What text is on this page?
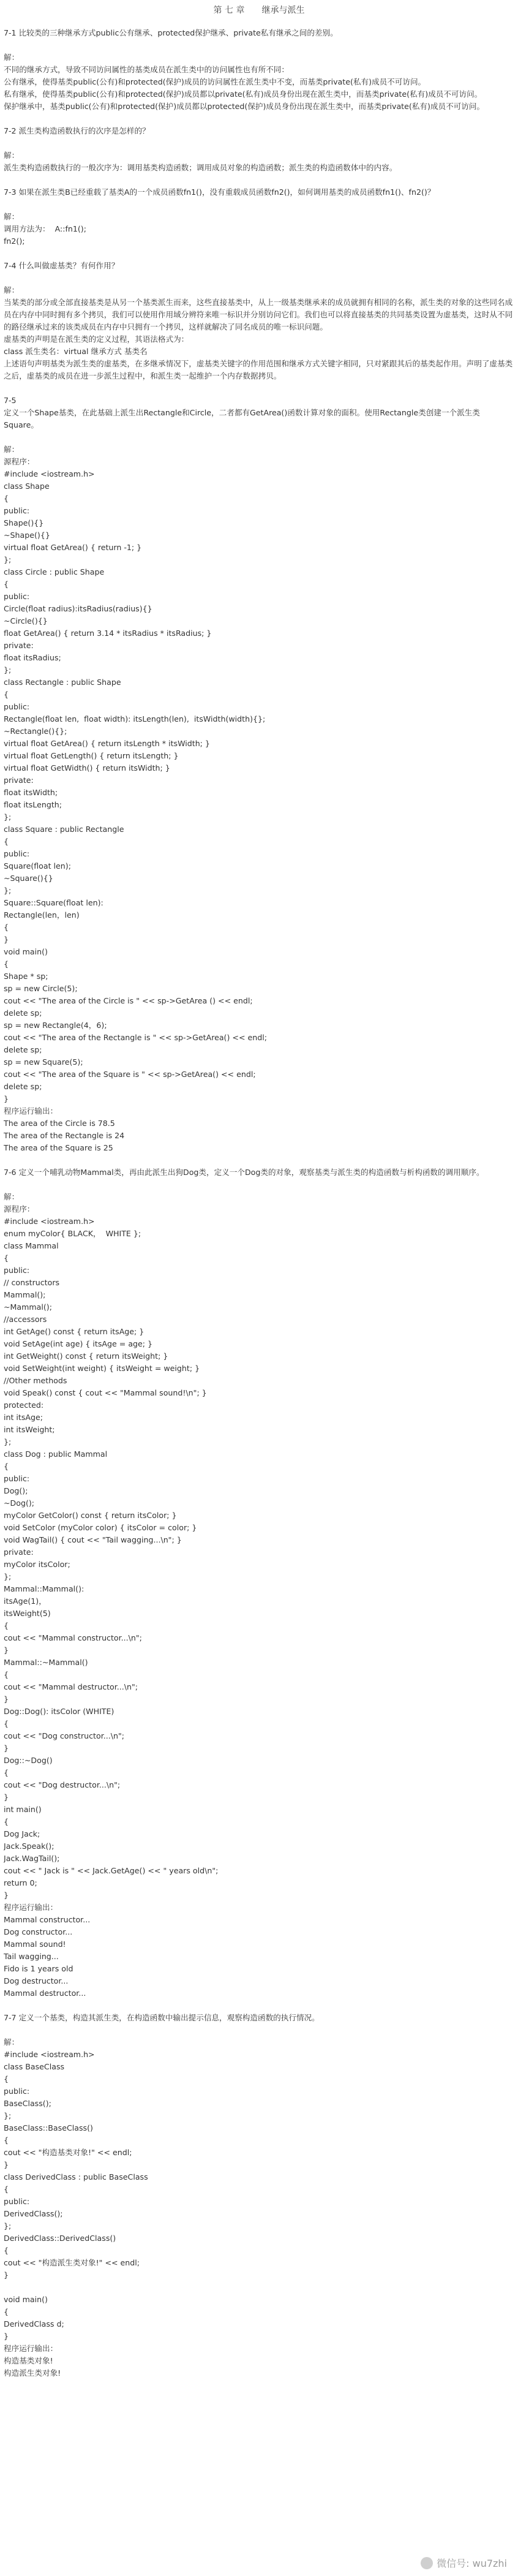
第 七 章　　继承与派生
7-1 比较类的三种继承方式public公有继承、protected保护继承、private私有继承之间的差别。
解：
不同的继承方式，导致不同访问属性的基类成员在派生类中的访问属性也有所不同：
公有继承，使得基类public(公有)和protected(保护)成员的访问属性在派生类中不变，而基类private(私有)成员不可访问。
私有继承，使得基类public(公有)和protected(保护)成员都以private(私有)成员身份出现在派生类中，而基类private(私有)成员不可访问。
保护继承中，基类public(公有)和protected(保护)成员都以protected(保护)成员身份出现在派生类中，而基类private(私有)成员不可访问。
7-2 派生类构造函数执行的次序是怎样的？
解：
派生类构造函数执行的一般次序为：调用基类构造函数；调用成员对象的构造函数；派生类的构造函数体中的内容。
7-3 如果在派生类B已经重载了基类A的一个成员函数fn1()，没有重载成员函数fn2()，如何调用基类的成员函数fn1()、fn2()？
解：
调用方法为：  A::fn1();
fn2();
7-4 什么叫做虚基类？有何作用？
解：
当某类的部分或全部直接基类是从另一个基类派生而来，这些直接基类中，从上一级基类继承来的成员就拥有相同的名称，派生类的对象的这些同名成员在内存中同时拥有多个拷贝，我们可以使用作用域分辨符来唯一标识并分别访问它们。我们也可以将直接基类的共同基类设置为虚基类，这时从不同的路径继承过来的该类成员在内存中只拥有一个拷贝，这样就解决了同名成员的唯一标识问题。
虚基类的声明是在派生类的定义过程，其语法格式为：
class 派生类名：virtual 继承方式 基类名
上述语句声明基类为派生类的虚基类，在多继承情况下，虚基类关键字的作用范围和继承方式关键字相同，只对紧跟其后的基类起作用。声明了虚基类之后，虚基类的成员在进一步派生过程中，和派生类一起维护一个内存数据拷贝。
7-5
定义一个Shape基类，在此基础上派生出Rectangle和Circle，二者都有GetArea()函数计算对象的面积。使用Rectangle类创建一个派生类Square。
解：
源程序：
#include <iostream.h>
class Shape
{
public:
Shape(){}
~Shape(){}
virtual float GetArea() { return -1; }
};
class Circle : public Shape
{
public:
Circle(float radius):itsRadius(radius){}
~Circle(){}
float GetArea() { return 3.14 * itsRadius * itsRadius; }
private:
float itsRadius;
};
class Rectangle : public Shape
{
public:
Rectangle(float len,  float width): itsLength(len),  itsWidth(width){};
~Rectangle(){};
virtual float GetArea() { return itsLength * itsWidth; }
virtual float GetLength() { return itsLength; }
virtual float GetWidth() { return itsWidth; }
private:
float itsWidth;
float itsLength;
};
class Square : public Rectangle
{
public:
Square(float len);
~Square(){}
};
Square::Square(float len):
Rectangle(len，len)
{
}
void main()
{
Shape * sp;
sp = new Circle(5);
cout << "The area of the Circle is " << sp->GetArea () << endl;
delete sp;
sp = new Rectangle(4，6);
cout << "The area of the Rectangle is " << sp->GetArea() << endl;
delete sp;
sp = new Square(5);
cout << "The area of the Square is " << sp->GetArea() << endl;
delete sp;
}
程序运行输出：
The area of the Circle is 78.5
The area of the Rectangle is 24
The area of the Square is 25
7-6 定义一个哺乳动物Mammal类，再由此派生出狗Dog类，定义一个Dog类的对象，观察基类与派生类的构造函数与析构函数的调用顺序。
解：
源程序：
#include <iostream.h>
enum myColor{ BLACK，  WHITE };
class Mammal
{
public:
// constructors
Mammal();
~Mammal();
//accessors
int GetAge() const { return itsAge; }
void SetAge(int age) { itsAge = age; }
int GetWeight() const { return itsWeight; }
void SetWeight(int weight) { itsWeight = weight; }
//Other methods
void Speak() const { cout << "Mammal sound!\n"; }
protected:
int itsAge;
int itsWeight;
};
class Dog : public Mammal
{
public:
Dog();
~Dog();
myColor GetColor() const { return itsColor; }
void SetColor (myColor color) { itsColor = color; }
void WagTail() { cout << "Tail wagging...\n"; }
private:
myColor itsColor;
};
Mammal::Mammal():
itsAge(1)，
itsWeight(5)
{
cout << "Mammal constructor...\n";
}
Mammal::~Mammal()
{
cout << "Mammal destructor...\n";
}
Dog::Dog(): itsColor (WHITE)
{
cout << "Dog constructor...\n";
}
Dog::~Dog()
{
cout << "Dog destructor...\n";
}
int main()
{
Dog Jack;
Jack.Speak();
Jack.WagTail();
cout << " Jack is " << Jack.GetAge() << " years old\n";
return 0;
}
程序运行输出：
Mammal constructor...
Dog constructor...
Mammal sound!
Tail wagging...
Fido is 1 years old
Dog destructor...
Mammal destructor...
7-7 定义一个基类，构造其派生类，在构造函数中输出提示信息，观察构造函数的执行情况。
解：
#include <iostream.h>
class BaseClass
{
public:
BaseClass();
};
BaseClass::BaseClass()
{
cout << "构造基类对象!" << endl;
}
class DerivedClass : public BaseClass
{
public:
DerivedClass();
};
DerivedClass::DerivedClass()
{
cout << "构造派生类对象!" << endl;
}
void main()
{
DerivedClass d;
}
程序运行输出：
构造基类对象!
构造派生类对象!
微信号: wu7zhi
